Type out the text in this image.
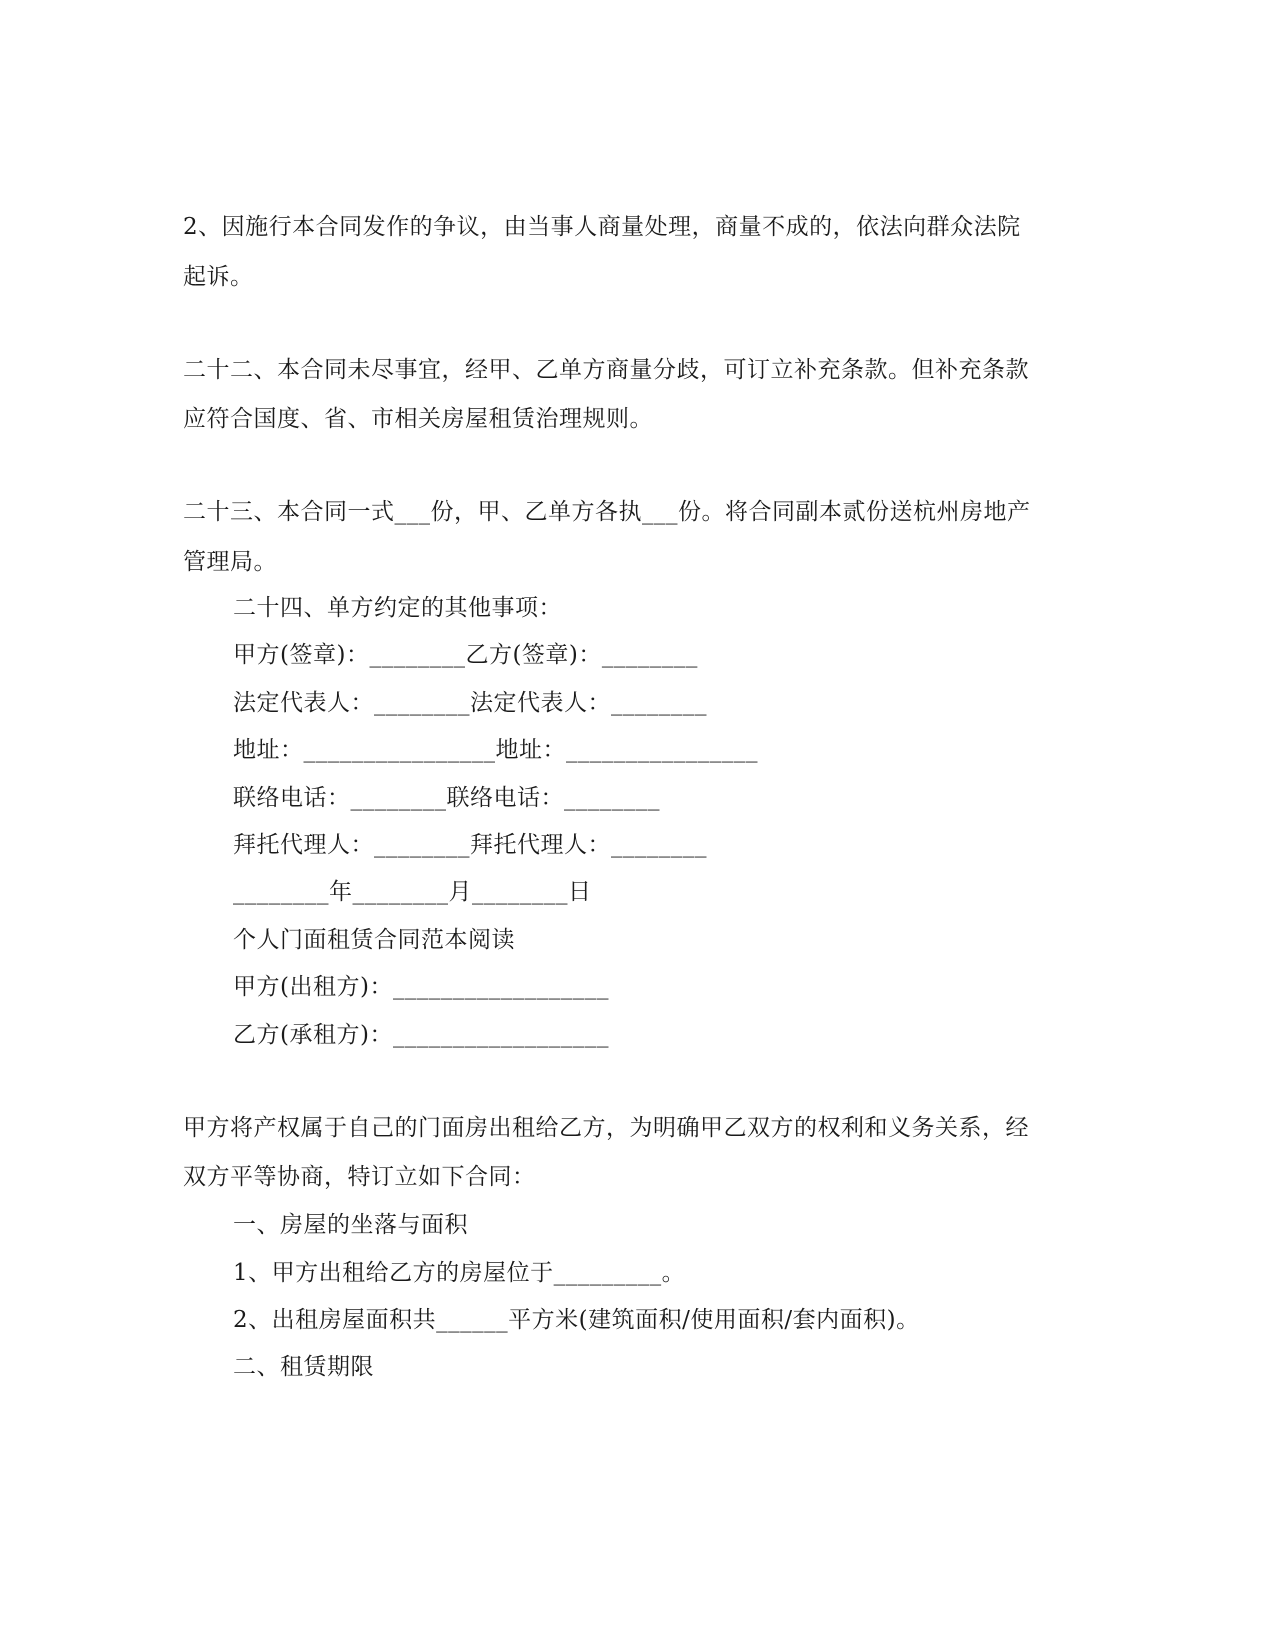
2、因施行本合同发作的争议，由当事人商量处理，商量不成的，依法向群众法院
起诉。
二十二、本合同未尽事宜，经甲、乙单方商量分歧，可订立补充条款。但补充条款
应符合国度、省、市相关房屋租赁治理规则。
二十三、本合同一式___份，甲、乙单方各执___份。将合同副本贰份送杭州房地产
管理局。
二十四、单方约定的其他事项：
甲方(签章)：________乙方(签章)：________
法定代表人：________法定代表人：________
地址：________________地址：________________
联络电话：________联络电话：________
拜托代理人：________拜托代理人：________
________年________月________日
个人门面租赁合同范本阅读
甲方(出租方)：__________________
乙方(承租方)：__________________
甲方将产权属于自己的门面房出租给乙方，为明确甲乙双方的权利和义务关系，经
双方平等协商，特订立如下合同：
一、房屋的坐落与面积
1、甲方出租给乙方的房屋位于_________。
2、出租房屋面积共______平方米(建筑面积/使用面积/套内面积)。
二、租赁期限
